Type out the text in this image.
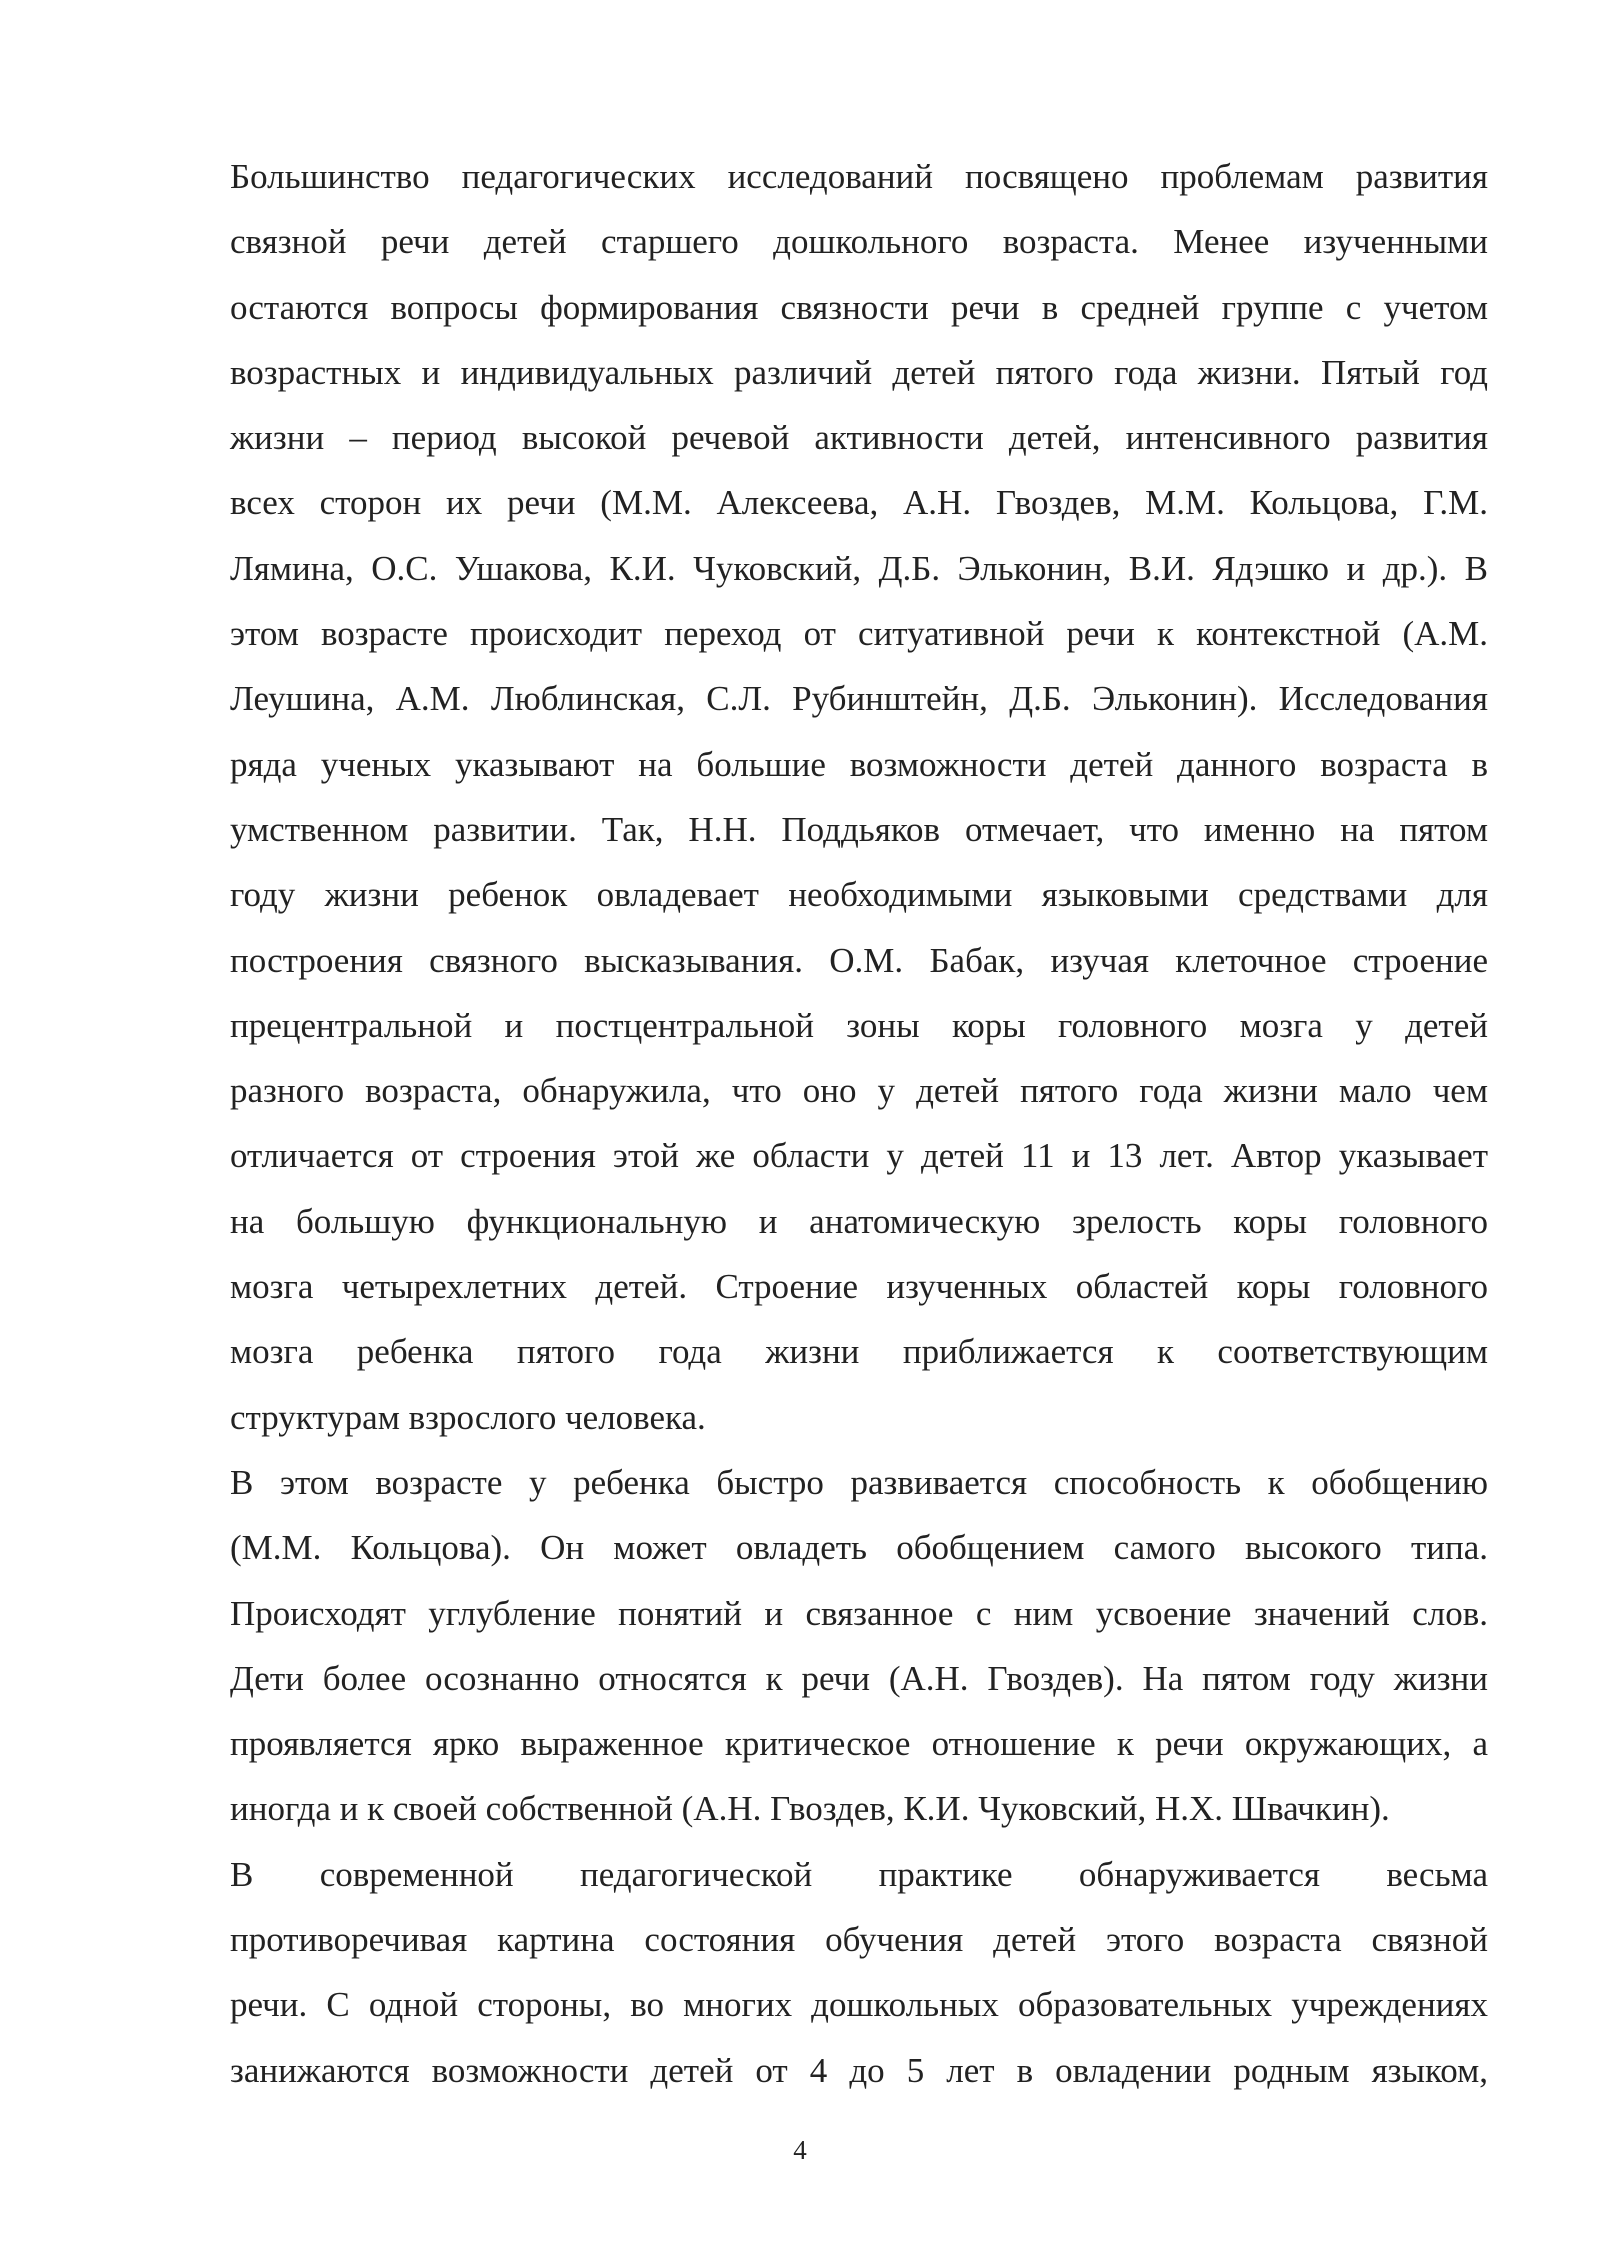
Большинство педагогических исследований посвящено проблемам развития
связной речи детей старшего дошкольного возраста. Менее изученными
остаются вопросы формирования связности речи в средней группе с учетом
возрастных и индивидуальных различий детей пятого года жизни. Пятый год
жизни – период высокой речевой активности детей, интенсивного развития
всех сторон их речи (М.М. Алексеева, А.Н. Гвоздев, М.М. Кольцова, Г.М.
Лямина, О.С. Ушакова, К.И. Чуковский, Д.Б. Эльконин, В.И. Ядэшко и др.). В
этом возрасте происходит переход от ситуативной речи к контекстной (А.М.
Леушина, А.М. Люблинская, С.Л. Рубинштейн, Д.Б. Эльконин). Исследования
ряда ученых указывают на большие возможности детей данного возраста в
умственном развитии. Так, Н.Н. Поддьяков отмечает, что именно на пятом
году жизни ребенок овладевает необходимыми языковыми средствами для
построения связного высказывания. О.М. Бабак, изучая клеточное строение
прецентральной и постцентральной зоны коры головного мозга у детей
разного возраста, обнаружила, что оно у детей пятого года жизни мало чем
отличается от строения этой же области у детей 11 и 13 лет. Автор указывает
на большую функциональную и анатомическую зрелость коры головного
мозга четырехлетних детей. Строение изученных областей коры головного
мозга ребенка пятого года жизни приближается к соответствующим
структурам взрослого человека.
В этом возрасте у ребенка быстро развивается способность к обобщению
(М.М. Кольцова). Он может овладеть обобщением самого высокого типа.
Происходят углубление понятий и связанное с ним усвоение значений слов.
Дети более осознанно относятся к речи (А.Н. Гвоздев). На пятом году жизни
проявляется ярко выраженное критическое отношение к речи окружающих, а
иногда и к своей собственной (А.Н. Гвоздев, К.И. Чуковский, Н.Х. Швачкин).
В современной педагогической практике обнаруживается весьма
противоречивая картина состояния обучения детей этого возраста связной
речи. С одной стороны, во многих дошкольных образовательных учреждениях
занижаются возможности детей от 4 до 5 лет в овладении родным языком,
4
